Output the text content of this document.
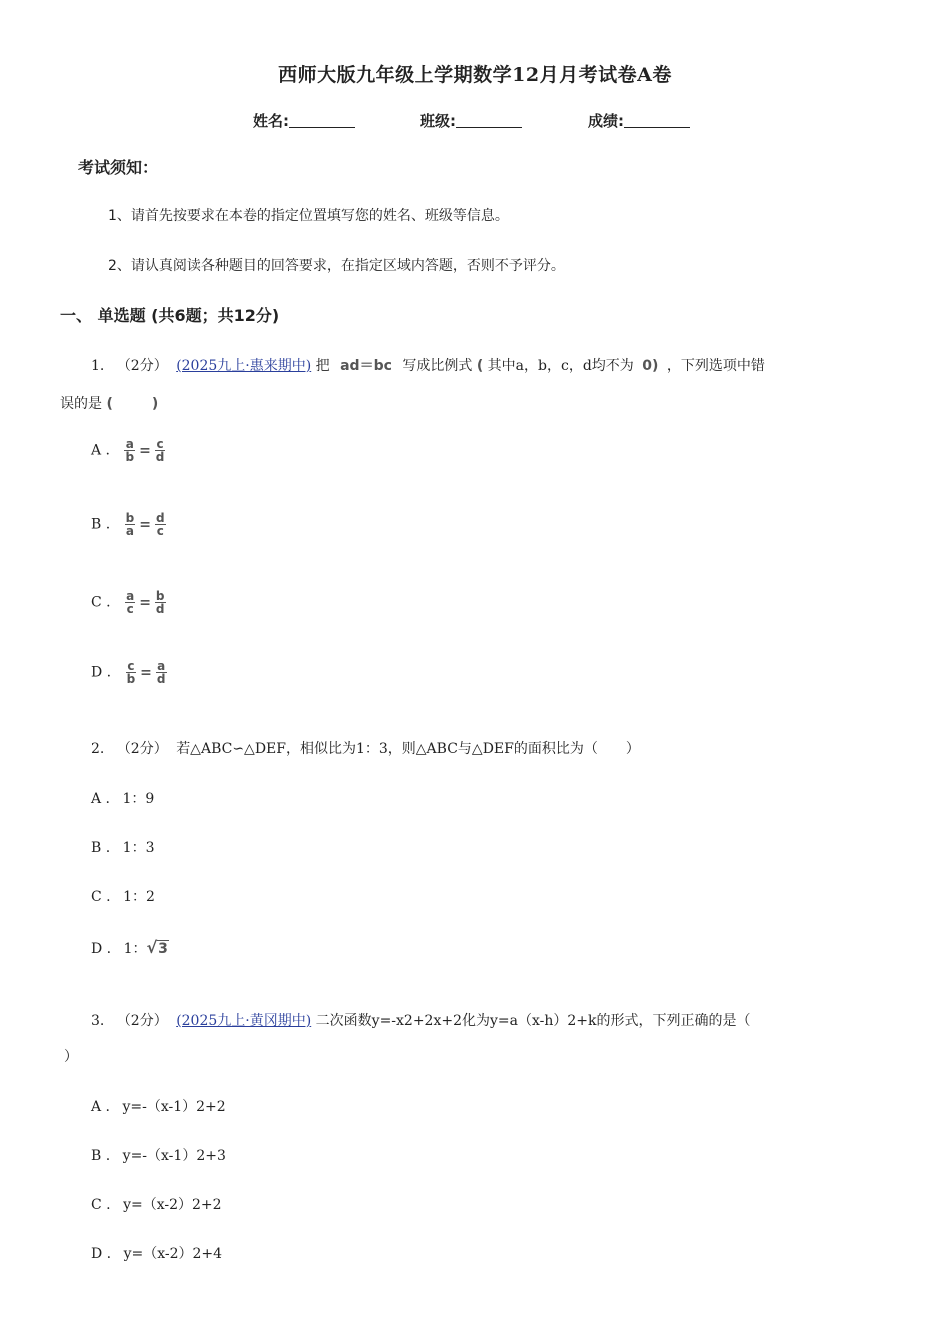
西师大版九年级上学期数学12月月考试卷A卷
姓名:	班级:	成绩:
考试须知：
1、请首先按要求在本卷的指定位置填写您的姓名、班级等信息。
2、请认真阅读各种题目的回答要求，在指定区域内答题，否则不予评分。
一、 单选题 (共6题；共12分)
1. （2分） (2025九上·惠来期中) 把 ad＝bc 写成比例式 ( 其中a，b，c，d均不为 0) ，下列选项中错
误的是 (        )
A . $\frac{a}{b} = \frac{c}{d}$
B . $\frac{b}{a} = \frac{d}{c}$
C . $\frac{a}{c} = \frac{b}{d}$
D . $\frac{c}{b} = \frac{a}{d}$
2. （2分） 若△ABC∽△DEF，相似比为1：3，则△ABC与△DEF的面积比为（　　）
A . 1：9
B . 1：3
C . 1：2
D . 1：√3
3. （2分） (2025九上·黄冈期中) 二次函数y=-x2+2x+2化为y=a（x-h）2+k的形式，下列正确的是（
）
A . y=-（x-1）2+2
B . y=-（x-1）2+3
C . y=（x-2）2+2
D . y=（x-2）2+4
